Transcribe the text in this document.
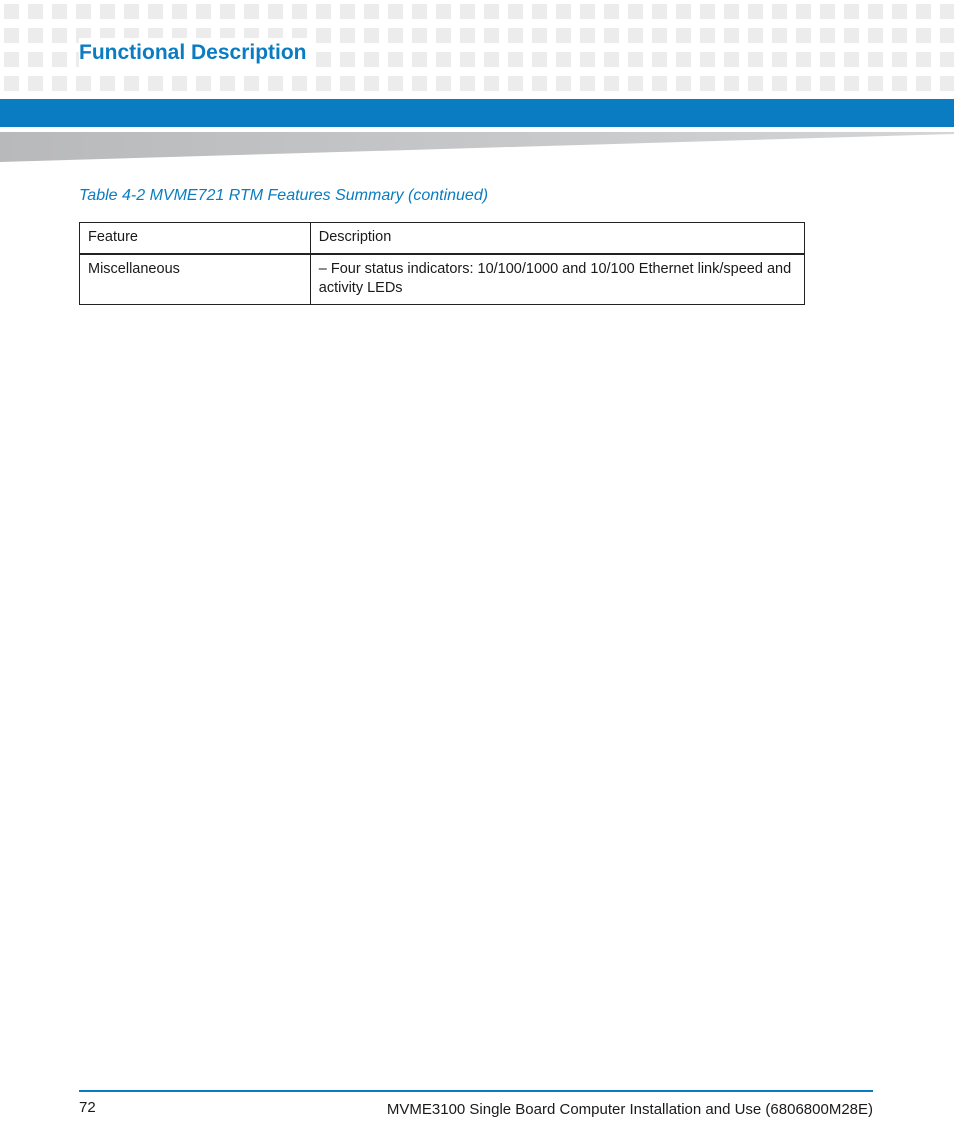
Functional Description

Table 4-2 MVME721 RTM Features Summary (continued)

Feature	Description
Miscellaneous	– Four status indicators: 10/100/1000 and 10/100 Ethernet link/speed and activity LEDs
72	MVME3100 Single Board Computer Installation and Use (6806800M28E)
